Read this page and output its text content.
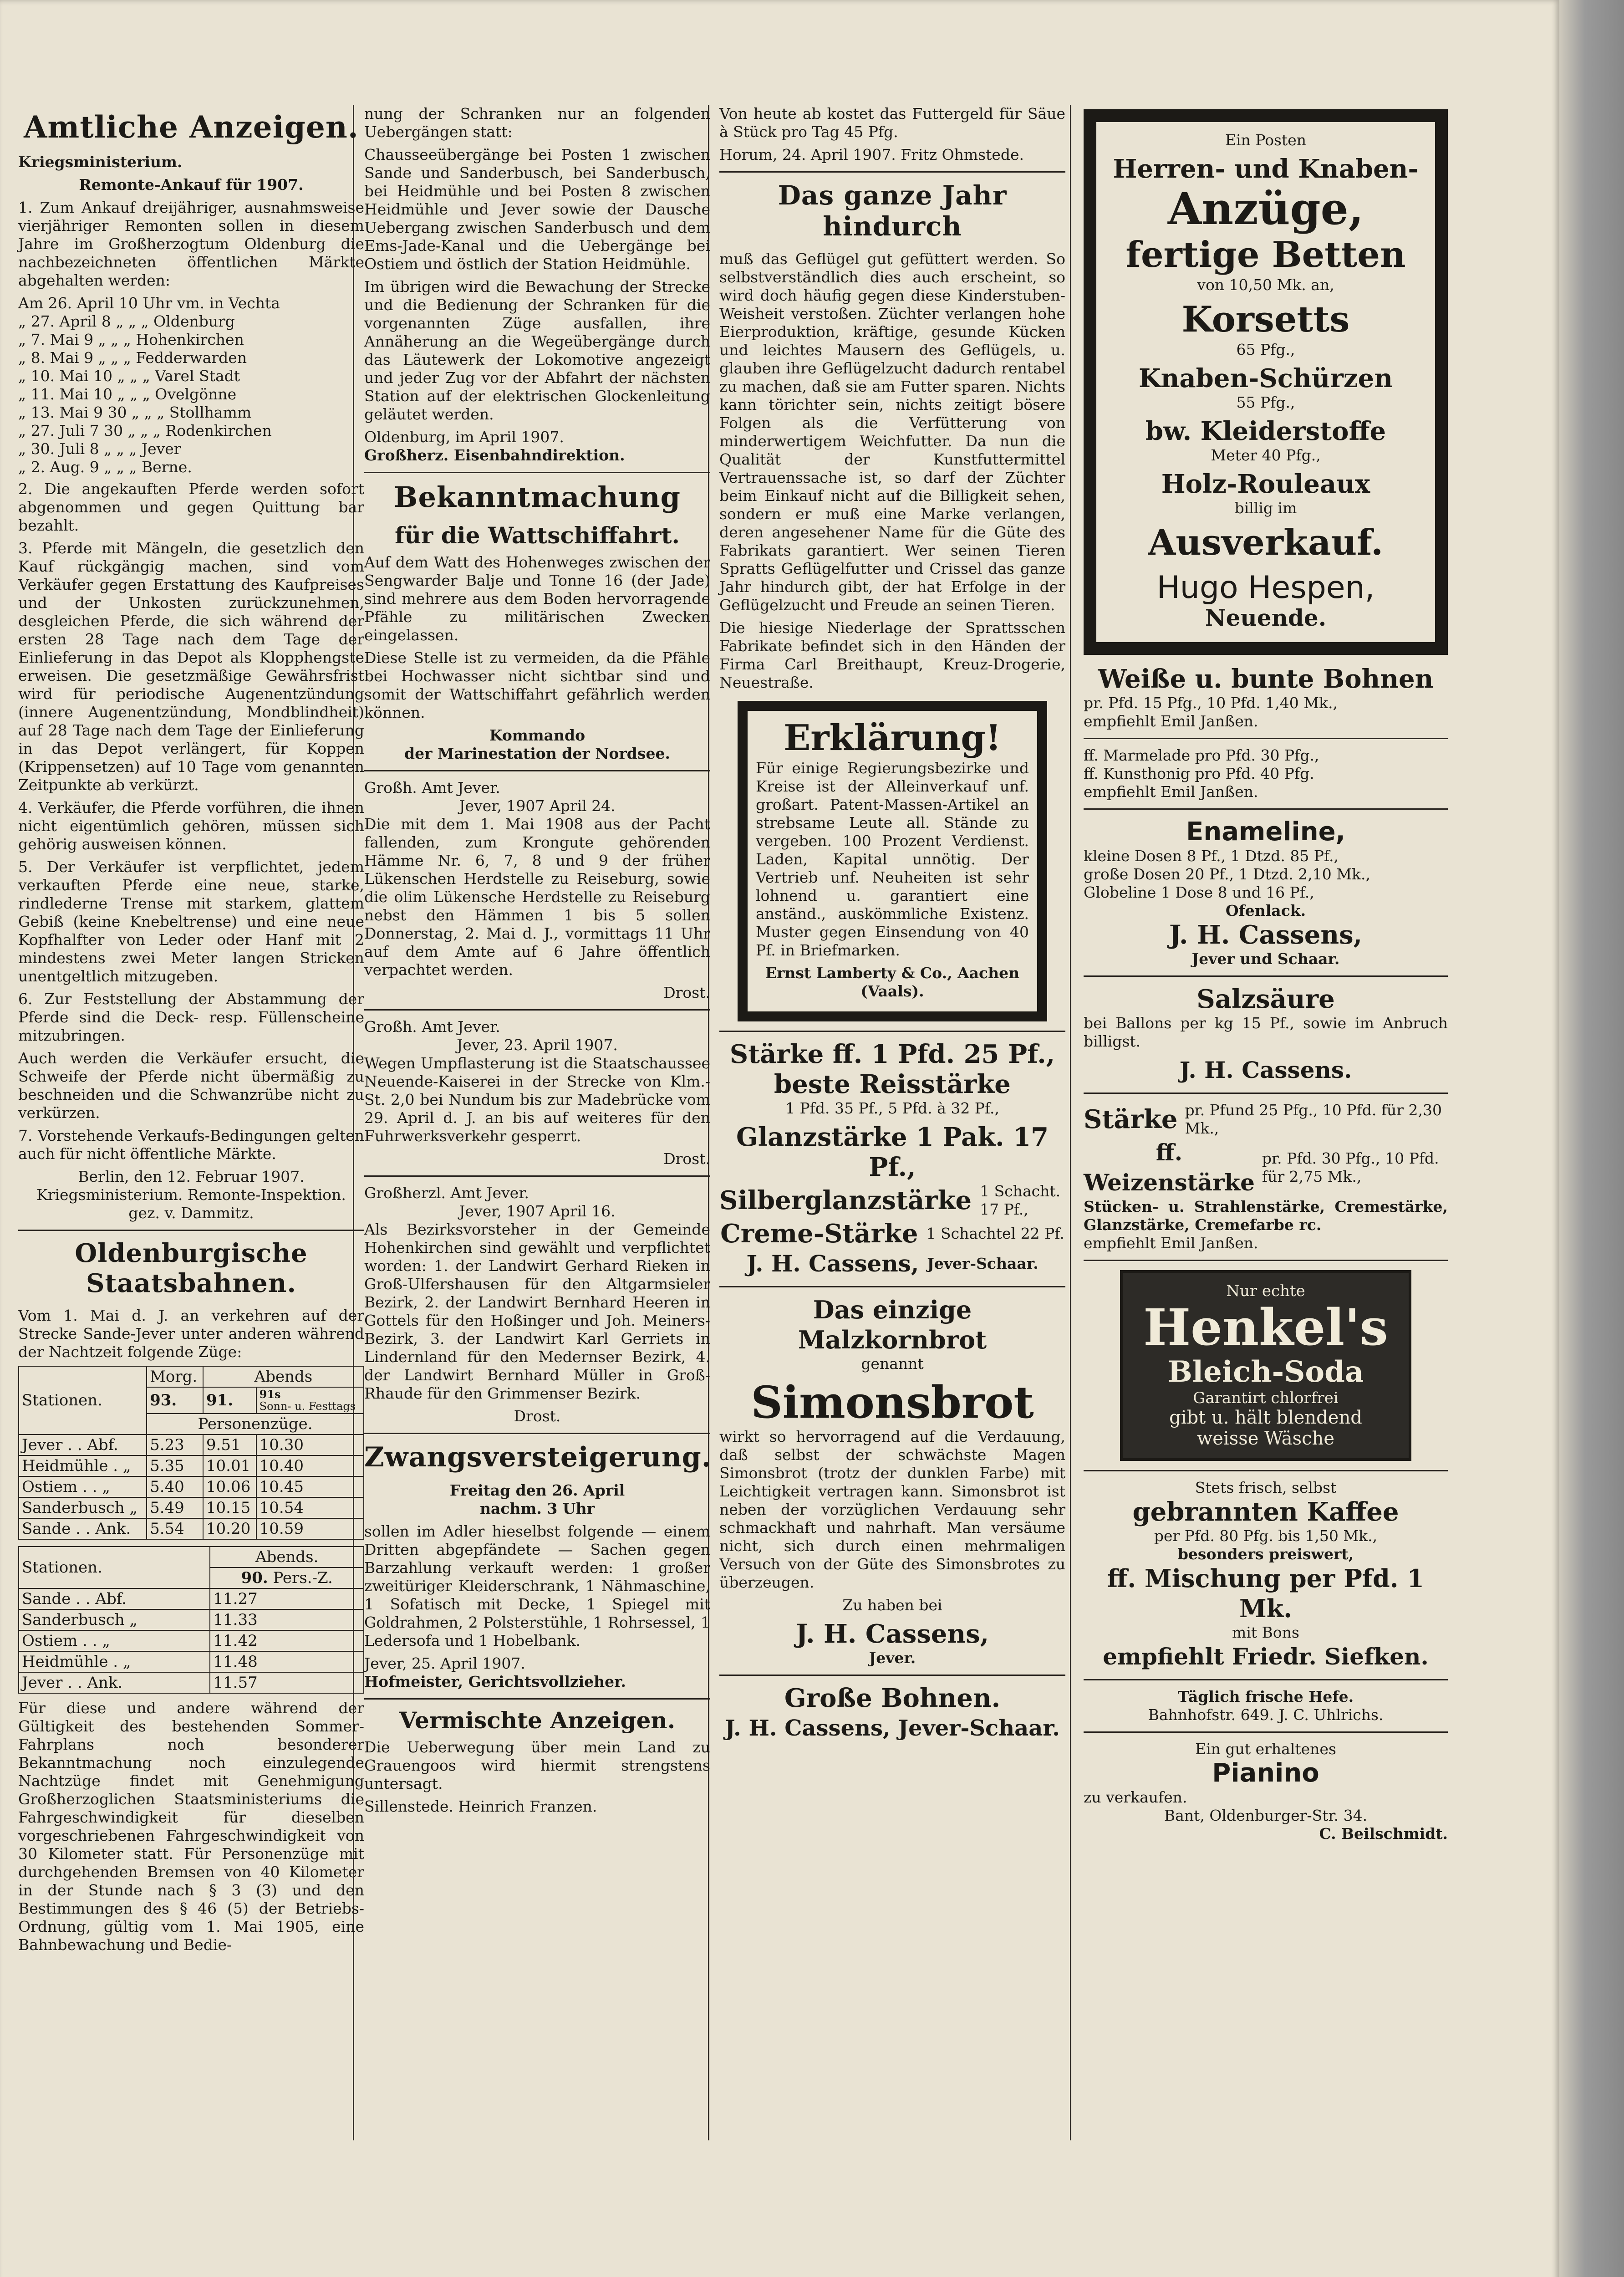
Amtliche Anzeigen.

Kriegsministerium.

Remonte-Ankauf für 1907.

1. Zum Ankauf dreijähriger, ausnahmsweise vierjähriger Remonten sollen in diesem Jahre im Großherzogtum Oldenburg die nachbezeichneten öffentlichen Märkte abgehalten werden:

Am 26. April 10 Uhr vm. in Vechta

„ 27. April 8 „ „ „ Oldenburg

„ 7. Mai 9 „ „ „ Hohenkirchen

„ 8. Mai 9 „ „ „ Fedderwarden

„ 10. Mai 10 „ „ „ Varel Stadt

„ 11. Mai 10 „ „ „ Ovelgönne

„ 13. Mai 9 30 „ „ „ Stollhamm

„ 27. Juli 7 30 „ „ „ Rodenkirchen

„ 30. Juli 8 „ „ „ Jever

„ 2. Aug. 9 „ „ „ Berne.

2. Die angekauften Pferde werden sofort abgenommen und gegen Quittung bar bezahlt.

3. Pferde mit Mängeln, die gesetzlich den Kauf rückgängig machen, sind vom Verkäufer gegen Erstattung des Kaufpreises und der Unkosten zurückzunehmen, desgleichen Pferde, die sich während der ersten 28 Tage nach dem Tage der Einlieferung in das Depot als Klopphengste erweisen. Die gesetzmäßige Gewährsfrist wird für periodische Augenentzündung (innere Augenentzündung, Mondblindheit) auf 28 Tage nach dem Tage der Einlieferung in das Depot verlängert, für Koppen (Krippensetzen) auf 10 Tage vom genannten Zeitpunkte ab verkürzt.

4. Verkäufer, die Pferde vorführen, die ihnen nicht eigentümlich gehören, müssen sich gehörig ausweisen können.

5. Der Verkäufer ist verpflichtet, jedem verkauften Pferde eine neue, starke, rindlederne Trense mit starkem, glattem Gebiß (keine Knebeltrense) und eine neue Kopfhalfter von Leder oder Hanf mit 2 mindestens zwei Meter langen Stricken unentgeltlich mitzugeben.

6. Zur Feststellung der Abstammung der Pferde sind die Deck- resp. Füllenscheine mitzubringen.

Auch werden die Verkäufer ersucht, die Schweife der Pferde nicht übermäßig zu beschneiden und die Schwanzrübe nicht zu verkürzen.

7. Vorstehende Verkaufs-Bedingungen gelten auch für nicht öffentliche Märkte.

Berlin, den 12. Februar 1907.

Kriegsministerium. Remonte-Inspektion.

gez. v. Dammitz.

Oldenburgische Staatsbahnen.

Vom 1. Mai d. J. an verkehren auf der Strecke Sande-Jever unter anderen während der Nachtzeit folgende Züge:

Stationen.	Morg.	Abends	
	93.	91.	91s
Sonn- u. Festtags
	Personenzüge.		
Jever . . Abf.	5.23	9.51	10.30
Heidmühle . „	5.35	10.01	10.40
Ostiem . . „	5.40	10.06	10.45
Sanderbusch „	5.49	10.15	10.54
Sande . . Ank.	5.54	10.20	10.59
Stationen.	Abends.
	90. Pers.-Z.
Sande . . Abf.	11.27
Sanderbusch „	11.33
Ostiem . . „	11.42
Heidmühle . „	11.48
Jever . . Ank.	11.57

Für diese und andere während der Gültigkeit des bestehenden Sommer-Fahrplans noch besonderer Bekanntmachung noch einzulegende Nachtzüge findet mit Genehmigung Großherzoglichen Staatsministeriums die Fahrgeschwindigkeit für dieselben vorgeschriebenen Fahrgeschwindigkeit von 30 Kilometer statt. Für Personenzüge mit durchgehenden Bremsen von 40 Kilometer in der Stunde nach § 3 (3) und den Bestimmungen des § 46 (5) der Betriebs-Ordnung, gültig vom 1. Mai 1905, eine Bahnbewachung und Bedie-

nung der Schranken nur an folgenden Uebergängen statt:

Chausseeübergänge bei Posten 1 zwischen Sande und Sanderbusch, bei Sanderbusch, bei Heidmühle und bei Posten 8 zwischen Heidmühle und Jever sowie der Dausche Uebergang zwischen Sanderbusch und dem Ems-Jade-Kanal und die Uebergänge bei Ostiem und östlich der Station Heidmühle.

Im übrigen wird die Bewachung der Strecke und die Bedienung der Schranken für die vorgenannten Züge ausfallen, ihre Annäherung an die Wegeübergänge durch das Läutewerk der Lokomotive angezeigt und jeder Zug vor der Abfahrt der nächsten Station auf der elektrischen Glockenleitung geläutet werden.

Oldenburg, im April 1907.

Großherz. Eisenbahndirektion.

Bekanntmachung
für die Wattschiffahrt.

Auf dem Watt des Hohenweges zwischen der Sengwarder Balje und Tonne 16 (der Jade) sind mehrere aus dem Boden hervorragende Pfähle zu militärischen Zwecken eingelassen.

Diese Stelle ist zu vermeiden, da die Pfähle bei Hochwasser nicht sichtbar sind und somit der Wattschiffahrt gefährlich werden können.

Kommando

der Marinestation der Nordsee.

Großh. Amt Jever.

Jever, 1907 April 24.

Die mit dem 1. Mai 1908 aus der Pacht fallenden, zum Krongute gehörenden Hämme Nr. 6, 7, 8 und 9 der früher Lükenschen Herdstelle zu Reiseburg, sowie die olim Lükensche Herdstelle zu Reiseburg nebst den Hämmen 1 bis 5 sollen Donnerstag, 2. Mai d. J., vormittags 11 Uhr auf dem Amte auf 6 Jahre öffentlich verpachtet werden.

Drost.

Großh. Amt Jever.

Jever, 23. April 1907.

Wegen Umpflasterung ist die Staatschaussee Neuende-Kaiserei in der Strecke von Klm.-St. 2,0 bei Nundum bis zur Madebrücke vom 29. April d. J. an bis auf weiteres für den Fuhrwerksverkehr gesperrt.

Drost.

Großherzl. Amt Jever.

Jever, 1907 April 16.

Als Bezirksvorsteher in der Gemeinde Hohenkirchen sind gewählt und verpflichtet worden: 1. der Landwirt Gerhard Rieken in Groß-Ulfershausen für den Altgarmsieler Bezirk, 2. der Landwirt Bernhard Heeren in Gottels für den Hoßinger und Joh. Meiners-Bezirk, 3. der Landwirt Karl Gerriets in Lindernland für den Medernser Bezirk, 4. der Landwirt Bernhard Müller in Groß-Rhaude für den Grimmenser Bezirk.

Drost.

Zwangsversteigerung.

Freitag den 26. April

nachm. 3 Uhr

sollen im Adler hieselbst folgende — einem Dritten abgepfändete — Sachen gegen Barzahlung verkauft werden: 1 großer zweitüriger Kleiderschrank, 1 Nähmaschine, 1 Sofatisch mit Decke, 1 Spiegel mit Goldrahmen, 2 Polsterstühle, 1 Rohrsessel, 1 Ledersofa und 1 Hobelbank.

Jever, 25. April 1907.

Hofmeister, Gerichtsvollzieher.

Vermischte Anzeigen.

Die Ueberwegung über mein Land zu Grauengoos wird hiermit strengstens untersagt.

Sillenstede. Heinrich Franzen.

Von heute ab kostet das Futtergeld für Säue à Stück pro Tag 45 Pfg.

Horum, 24. April 1907. Fritz Ohmstede.

Das ganze Jahr hindurch

muß das Geflügel gut gefüttert werden. So selbstverständlich dies auch erscheint, so wird doch häufig gegen diese Kinderstuben-Weisheit verstoßen. Züchter verlangen hohe Eierproduktion, kräftige, gesunde Kücken und leichtes Mausern des Geflügels, u. glauben ihre Geflügelzucht dadurch rentabel zu machen, daß sie am Futter sparen. Nichts kann törichter sein, nichts zeitigt bösere Folgen als die Verfütterung von minderwertigem Weichfutter. Da nun die Qualität der Kunstfuttermittel Vertrauenssache ist, so darf der Züchter beim Einkauf nicht auf die Billigkeit sehen, sondern er muß eine Marke verlangen, deren angesehener Name für die Güte des Fabrikats garantiert. Wer seinen Tieren Spratts Geflügelfutter und Crissel das ganze Jahr hindurch gibt, der hat Erfolge in der Geflügelzucht und Freude an seinen Tieren.

Die hiesige Niederlage der Sprattsschen Fabrikate befindet sich in den Händen der Firma Carl Breithaupt, Kreuz-Drogerie, Neuestraße.

Erklärung!

Für einige Regierungsbezirke und Kreise ist der Alleinverkauf unf. großart. Patent-Massen-Artikel an strebsame Leute all. Stände zu vergeben. 100 Prozent Verdienst. Laden, Kapital unnötig. Der Vertrieb unf. Neuheiten ist sehr lohnend u. garantiert eine anständ., auskömmliche Existenz. Muster gegen Einsendung von 40 Pf. in Briefmarken.

Ernst Lamberty & Co., Aachen (Vaals).

Stärke ff. 1 Pfd. 25 Pf.,
beste Reisstärke

1 Pfd. 35 Pf., 5 Pfd. à 32 Pf.,

Glanzstärke 1 Pak. 17 Pf.,
Silberglanzstärke 1 Schacht. 17 Pf.,
Creme-Stärke 1 Schachtel 22 Pf.
J. H. Cassens, Jever-Schaar.
Das einzige Malzkornbrot

genannt

Simonsbrot

wirkt so hervorragend auf die Verdauung, daß selbst der schwächste Magen Simonsbrot (trotz der dunklen Farbe) mit Leichtigkeit vertragen kann. Simonsbrot ist neben der vorzüglichen Verdauung sehr schmackhaft und nahrhaft. Man versäume nicht, sich durch einen mehrmaligen Versuch von der Güte des Simonsbrotes zu überzeugen.

Zu haben bei

J. H. Cassens,

Jever.

Große Bohnen.
J. H. Cassens, Jever-Schaar.

Ein Posten

Herren- und Knaben-
Anzüge,
fertige Betten

von 10,50 Mk. an,

Korsetts

65 Pfg.,

Knaben-Schürzen

55 Pfg.,

bw. Kleiderstoffe

Meter 40 Pfg.,

Holz-Rouleaux

billig im

Ausverkauf.
Hugo Hespen,
Neuende.
Weiße u. bunte Bohnen

pr. Pfd. 15 Pfg., 10 Pfd. 1,40 Mk.,

empfiehlt Emil Janßen.

ff. Marmelade pro Pfd. 30 Pfg.,

ff. Kunsthonig pro Pfd. 40 Pfg.

empfiehlt Emil Janßen.

Enameline,

kleine Dosen 8 Pf., 1 Dtzd. 85 Pf.,

große Dosen 20 Pf., 1 Dtzd. 2,10 Mk.,

Globeline 1 Dose 8 und 16 Pf.,

Ofenlack.

J. H. Cassens,

Jever und Schaar.

Salzsäure

bei Ballons per kg 15 Pf., sowie im Anbruch billigst.

J. H. Cassens.
Stärke pr. Pfund 25 Pfg., 10 Pfd. für 2,30 Mk.,
ff. Weizenstärke
pr. Pfd. 30 Pfg., 10 Pfd. für 2,75 Mk.,

Stücken- u. Strahlenstärke, Cremestärke, Glanzstärke, Cremefarbe rc.

empfiehlt Emil Janßen.

Nur echte
Henkel's
Bleich-Soda
Garantirt chlorfrei
gibt u. hält blendend
weisse Wäsche

Stets frisch, selbst

gebrannten Kaffee

per Pfd. 80 Pfg. bis 1,50 Mk.,

besonders preiswert,

ff. Mischung per Pfd. 1 Mk.

mit Bons

empfiehlt Friedr. Siefken.

Täglich frische Hefe.

Bahnhofstr. 649. J. C. Uhlrichs.

Ein gut erhaltenes

Pianino

zu verkaufen.

Bant, Oldenburger-Str. 34.

C. Beilschmidt.
